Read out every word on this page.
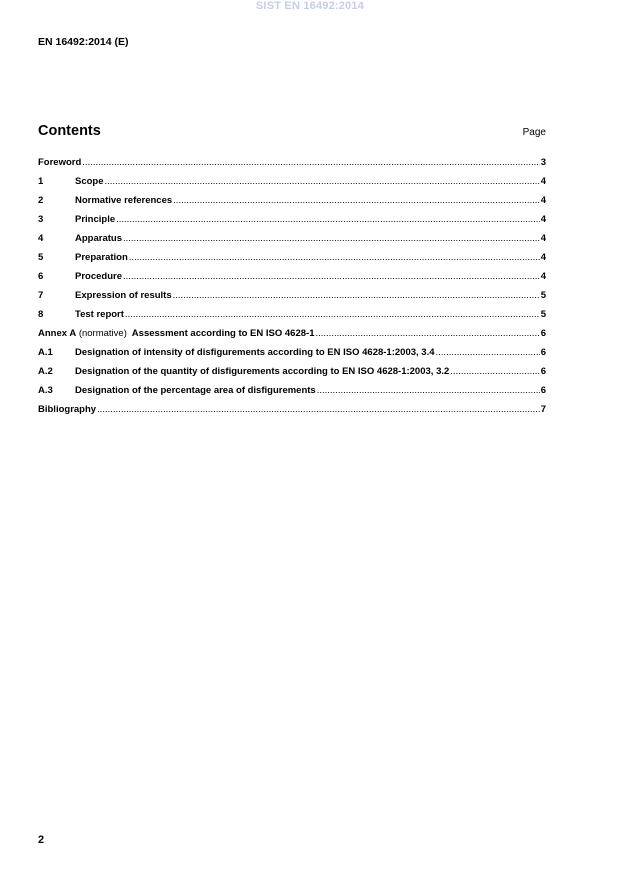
SIST EN 16492:2014
EN 16492:2014 (E)
Contents	Page
Foreword .....	3
1	Scope .....	4
2	Normative references .....	4
3	Principle .....	4
4	Apparatus .....	4
5	Preparation .....	4
6	Procedure .....	4
7	Expression of results .....	5
8	Test report .....	5
Annex A (normative)  Assessment according to EN ISO 4628-1 .....	6
A.1	Designation of intensity of disfigurements according to EN ISO 4628-1:2003, 3.4 .....	6
A.2	Designation of the quantity of disfigurements according to EN ISO 4628-1:2003, 3.2 .....	6
A.3	Designation of the percentage area of disfigurements .....	6
Bibliography .....	7
2
